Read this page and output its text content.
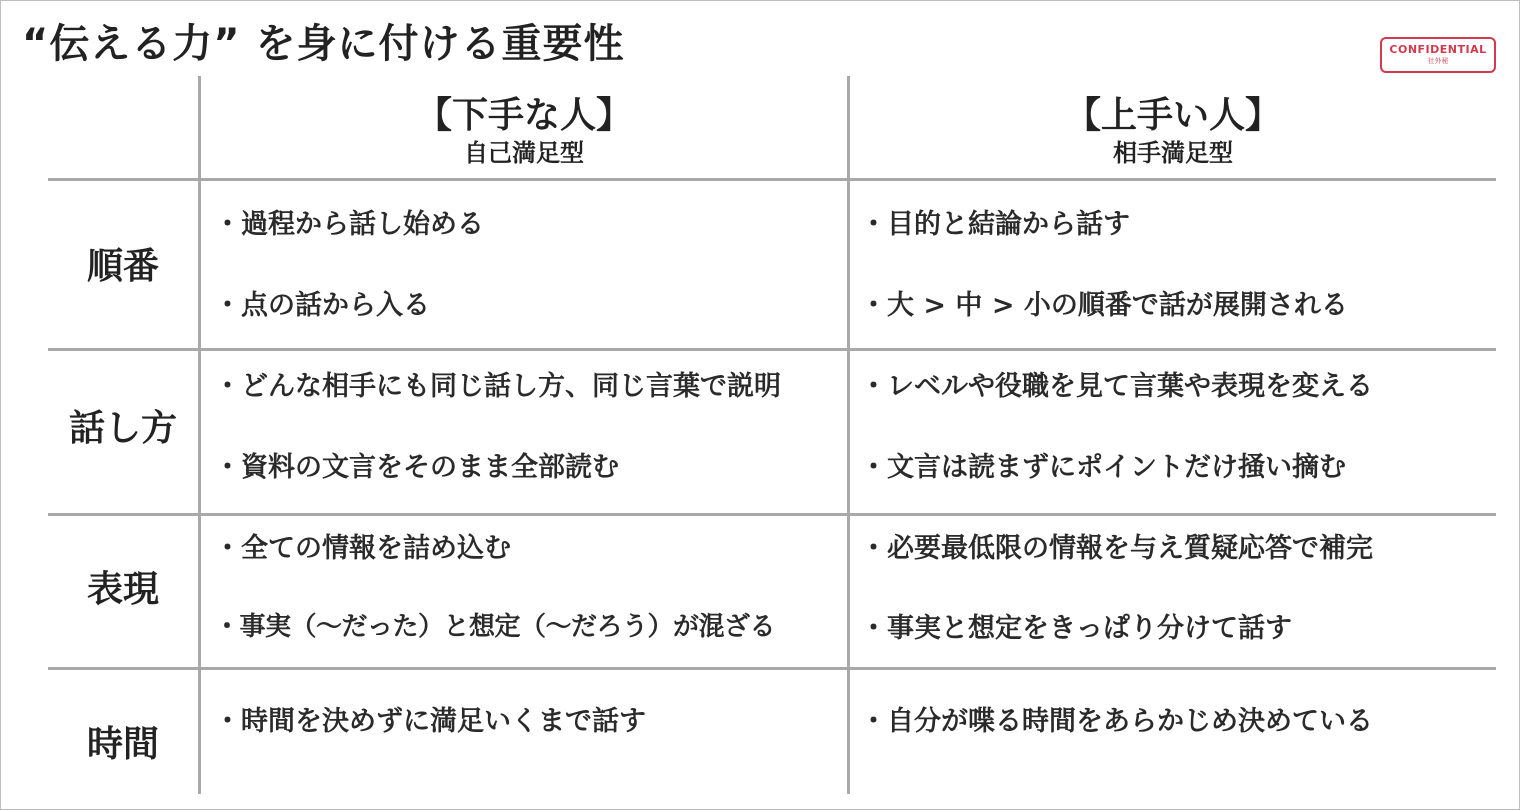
“伝える力” を身に付ける重要性	CONFIDENTIAL
社外秘
【下手な人】
自己満足型
【上手い人】
相手満足型
順番
・過程から話し始める
・点の話から入る
・目的と結論から話す
・大 > 中 > 小の順番で話が展開される
話し方
・どんな相手にも同じ話し方、同じ言葉で説明
・資料の文言をそのまま全部読む
・レベルや役職を見て言葉や表現を変える
・文言は読まずにポイントだけ掻い摘む
表現
・全ての情報を詰め込む
・事実（～だった）と想定（～だろう）が混ざる
・必要最低限の情報を与え質疑応答で補完
・事実と想定をきっぱり分けて話す
時間
・時間を決めずに満足いくまで話す	・自分が喋る時間をあらかじめ決めている
